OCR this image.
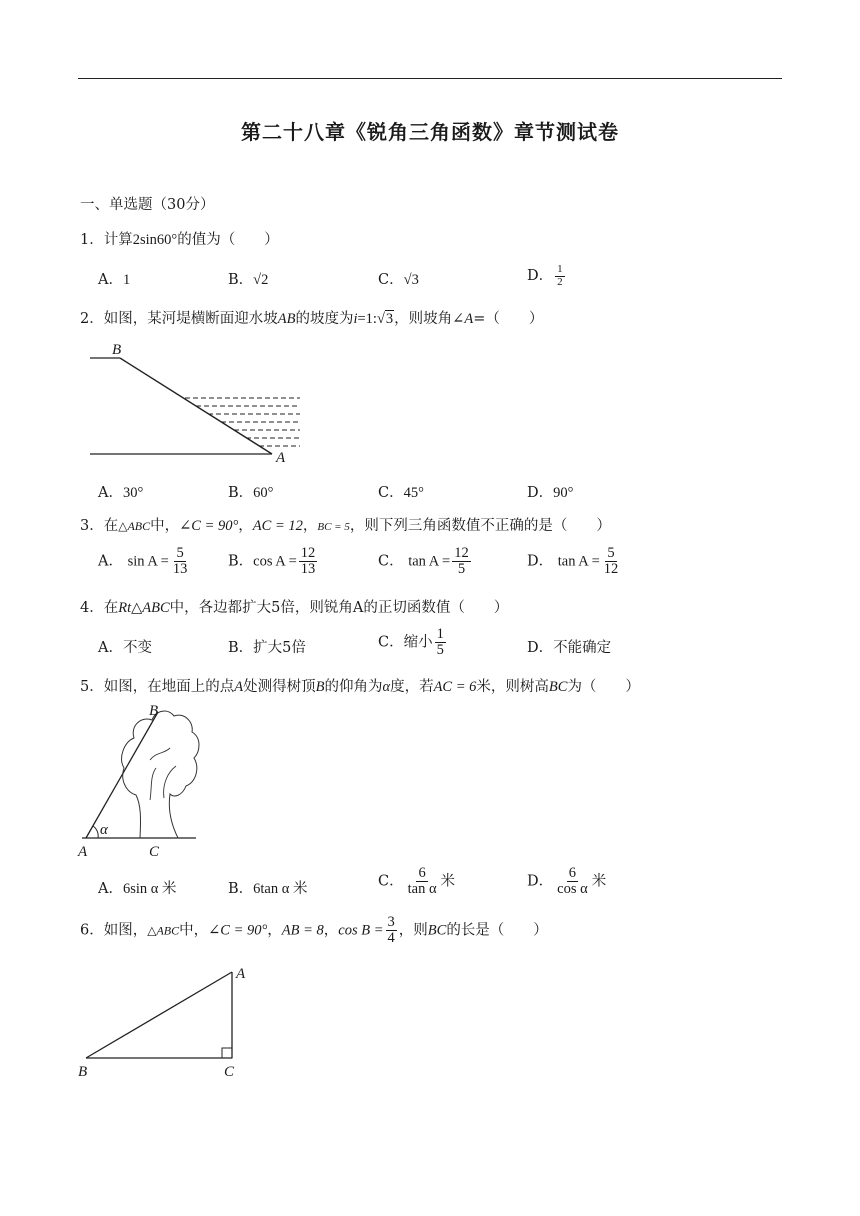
第二十八章《锐角三角函数》章节测试卷
一、单选题（30分）
1．计算2sin60°的值为（　　）
A．1	B．√2	C．√3	D． $\frac{1}{2}$
2．如图，某河堤横断面迎水坡AB的坡度为i=1:√3，则坡角∠A=（　　）
B
A
A．30°	B．60°	C．45°	D．90°
3．在△ABC中，∠C = 90°，AC = 12，BC = 5，则下列三角函数值不正确的是（　　）
A． $\sin A = \frac{5}{13}$	B．$\cos A = \frac{12}{13}$	C． $\tan A = \frac{12}{5}$	D． $\tan A = \frac{5}{12}$
4．在Rt△ABC中，各边都扩大5倍，则锐角A的正切函数值（　　）
A．不变	B．扩大5倍	C．缩小 $\frac{1}{5}$	D．不能确定
5．如图，在地面上的点A处测得树顶B的仰角为α度，若AC = 6米，则树高BC为（　　）
B
A	C
α
A．6sin α 米	B．6tan α 米	C． $\frac{6}{\text{tan α}}$ 米	D． $\frac{6}{\text{cos α}}$ 米
6．如图，△ABC中，∠C = 90°，AB = 8，$\cos B = \frac{3}{4}$ ，则BC的长是（　　）
A
B	C
